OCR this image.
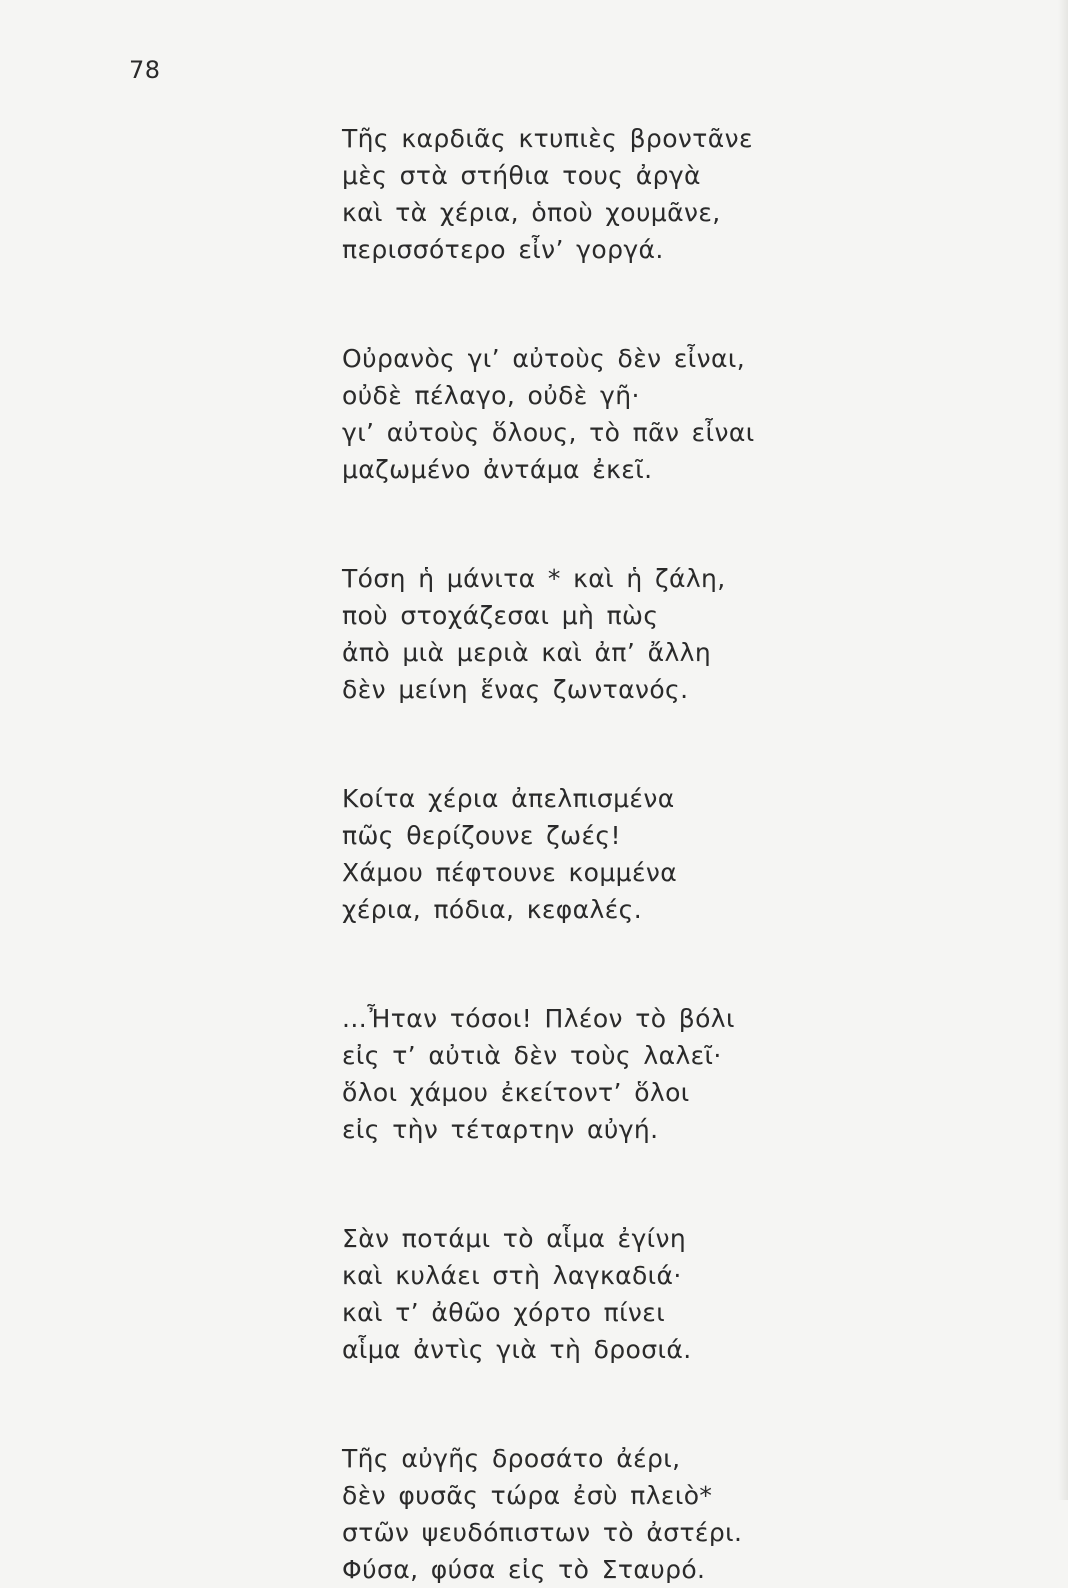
78
Τῆς καρδιᾶς κτυπιὲς βροντᾶνε
μὲς στὰ στήθια τους ἀργὰ
καὶ τὰ χέρια, ὁποὺ χουμᾶνε,
περισσότερο εἶν’ γοργά.
Οὐρανὸς γι’ αὐτοὺς δὲν εἶναι,
οὐδὲ πέλαγο, οὐδὲ γῆ·
γι’ αὐτοὺς ὅλους, τὸ πᾶν εἶναι
μαζωμένο ἀντάμα ἐκεῖ.
Τόση ἡ μάνιτα * καὶ ἡ ζάλη,
ποὺ στοχάζεσαι μὴ πὼς
ἀπὸ μιὰ μεριὰ καὶ ἀπ’ ἄλλη
δὲν μείνη ἕνας ζωντανός.
Κοίτα χέρια ἀπελπισμένα
πῶς θερίζουνε ζωές!
Χάμου πέφτουνε κομμένα
χέρια, πόδια, κεφαλές.
...Ἦταν τόσοι! Πλέον τὸ βόλι
εἰς τ’ αὐτιὰ δὲν τοὺς λαλεῖ·
ὅλοι χάμου ἐκείτοντ’ ὅλοι
εἰς τὴν τέταρτην αὐγή.
Σὰν ποτάμι τὸ αἷμα ἐγίνη
καὶ κυλάει στὴ λαγκαδιά·
καὶ τ’ ἀθῶο χόρτο πίνει
αἷμα ἀντὶς γιὰ τὴ δροσιά.
Τῆς αὐγῆς δροσάτο ἀέρι,
δὲν φυσᾶς τώρα ἐσὺ πλειὸ*
στῶν ψευδόπιστων τὸ ἀστέρι.
Φύσα, φύσα εἰς τὸ Σταυρό.
